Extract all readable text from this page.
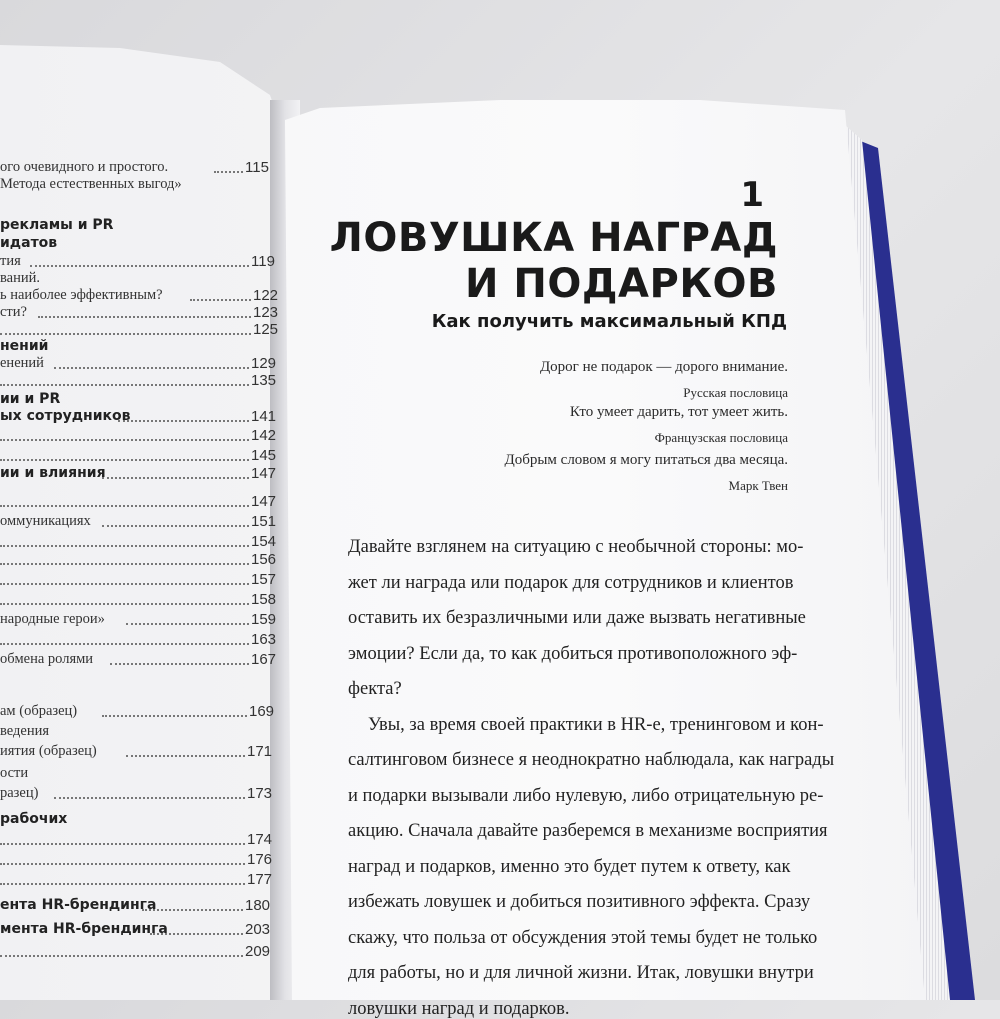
ого очевидного и простого.	115
Метода естественных выгод»
рекламы и PR
идатов
тия	119
ваний.
ь наиболее эффективным?	122
сти?	123
125
нений
енений	129
135
ии и PR
ых сотрудников	141
142
145
ии и влияния	147
147
оммуникациях	151
154
156
157
158
народные герои»	159
163
обмена ролями	167
ам (образец)	169
ведения
иятия (образец)	171
ости
разец)	173
рабочих
174
176
177
ента HR-брендинга	180
мента HR-брендинга	203
209
1
ЛОВУШКА НАГРАД
И ПОДАРКОВ
Как получить максимальный КПД
Дорог не подарок — дорого внимание.
Русская пословица
Кто умеет дарить, тот умеет жить.
Французская пословица
Добрым словом я могу питаться два месяца.
Марк Твен
Давайте взглянем на ситуацию с необычной стороны: мо-
жет ли награда или подарок для сотрудников и клиентов
оставить их безразличными или даже вызвать негативные
эмоции? Если да, то как добиться противоположного эф-
фекта?
Увы, за время своей практики в HR-е, тренинговом и кон-
салтинговом бизнесе я неоднократно наблюдала, как награды
и подарки вызывали либо нулевую, либо отрицательную ре-
акцию. Сначала давайте разберемся в механизме восприятия
наград и подарков, именно это будет путем к ответу, как
избежать ловушек и добиться позитивного эффекта. Сразу
скажу, что польза от обсуждения этой темы будет не только
для работы, но и для личной жизни. Итак, ловушки внутри
ловушки наград и подарков.
